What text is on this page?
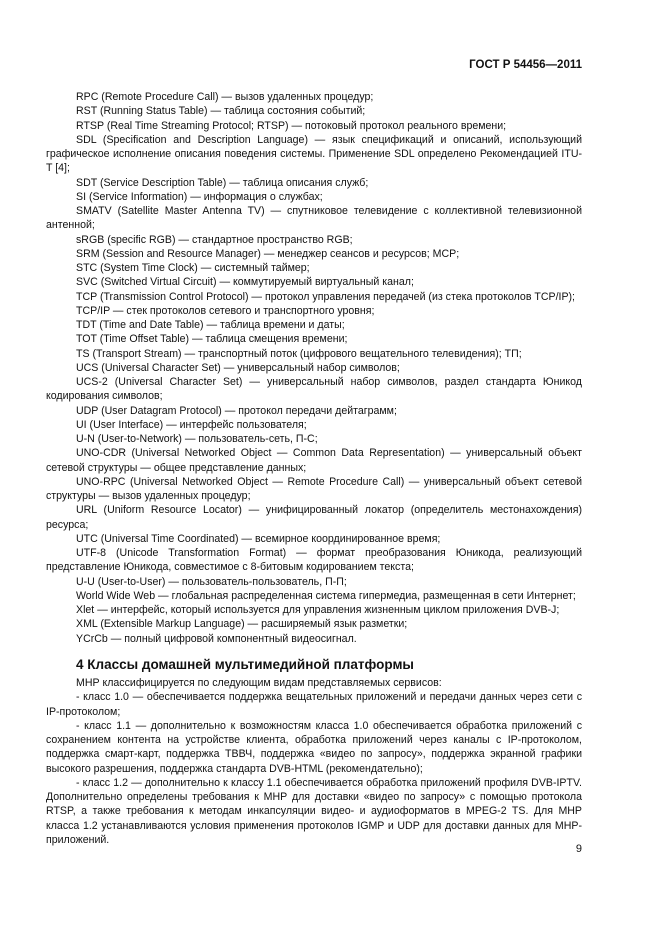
ГОСТ Р 54456—2011

RPC (Remote Procedure Call) — вызов удаленных процедур;

RST (Running Status Table) — таблица состояния событий;

RTSP (Real Time Streaming Protocol; RTSP) — потоковый протокол реального времени;

SDL (Specification and Description Language) — язык спецификаций и описаний, использующий графическое исполнение описания поведения системы. Применение SDL определено Рекомендацией ITU-T [4];

SDT (Service Description Table) — таблица описания служб;

SI (Service Information) — информация о службах;

SMATV (Satellite Master Antenna TV) — спутниковое телевидение с коллективной телевизионной антенной;

sRGB (specific RGB) — стандартное пространство RGB;

SRM (Session and Resource Manager) — менеджер сеансов и ресурсов; MCP;

STC (System Time Clock) — системный таймер;

SVC (Switched Virtual Circuit) — коммутируемый виртуальный канал;

TCP (Transmission Control Protocol) — протокол управления передачей (из стека протоколов TCP/IP);

TCP/IP — стек протоколов сетевого и транспортного уровня;

TDT (Time and Date Table) — таблица времени и даты;

TOT (Time Offset Table) — таблица смещения времени;

TS (Transport Stream) — транспортный поток (цифрового вещательного телевидения); ТП;

UCS (Universal Character Set) — универсальный набор символов;

UCS-2 (Universal Character Set) — универсальный набор символов, раздел стандарта Юникод кодирования символов;

UDP (User Datagram Protocol) — протокол передачи дейтаграмм;

UI (User Interface) — интерфейс пользователя;

U-N (User-to-Network) — пользователь-сеть, П-С;

UNO-CDR (Universal Networked Object — Common Data Representation) — универсальный объект сетевой структуры — общее представление данных;

UNO-RPC (Universal Networked Object — Remote Procedure Call) — универсальный объект сетевой структуры — вызов удаленных процедур;

URL (Uniform Resource Locator) — унифицированный локатор (определитель местонахождения) ресурса;

UTC (Universal Time Coordinated) — всемирное координированное время;

UTF-8 (Unicode Transformation Format) — формат преобразования Юникода, реализующий представление Юникода, совместимое с 8-битовым кодированием текста;

U-U (User-to-User) — пользователь-пользователь, П-П;

World Wide Web — глобальная распределенная система гипермедиа, размещенная в сети Интернет;

Xlet — интерфейс, который используется для управления жизненным циклом приложения DVB-J;

XML (Extensible Markup Language) — расширяемый язык разметки;

YCrCb — полный цифровой компонентный видеосигнал.

4 Классы домашней мультимедийной платформы

МНР классифицируется по следующим видам представляемых сервисов:

- класс 1.0 — обеспечивается поддержка вещательных приложений и передачи данных через сети с IP-протоколом;

- класс 1.1 — дополнительно к возможностям класса 1.0 обеспечивается обработка приложений с сохранением контента на устройстве клиента, обработка приложений через каналы с IP-протоколом, поддержка смарт-карт, поддержка ТВВЧ, поддержка «видео по запросу», поддержка экранной графики высокого разрешения, поддержка стандарта DVB-HTML (рекомендательно);

- класс 1.2 — дополнительно к классу 1.1 обеспечивается обработка приложений профиля DVB-IPTV. Дополнительно определены требования к МНР для доставки «видео по запросу» с помощью протокола RTSP, а также требования к методам инкапсуляции видео- и аудиоформатов в MPEG-2 TS. Для МНР класса 1.2 устанавливаются условия применения протоколов IGMP и UDP для доставки данных для МНР-приложений.

9
